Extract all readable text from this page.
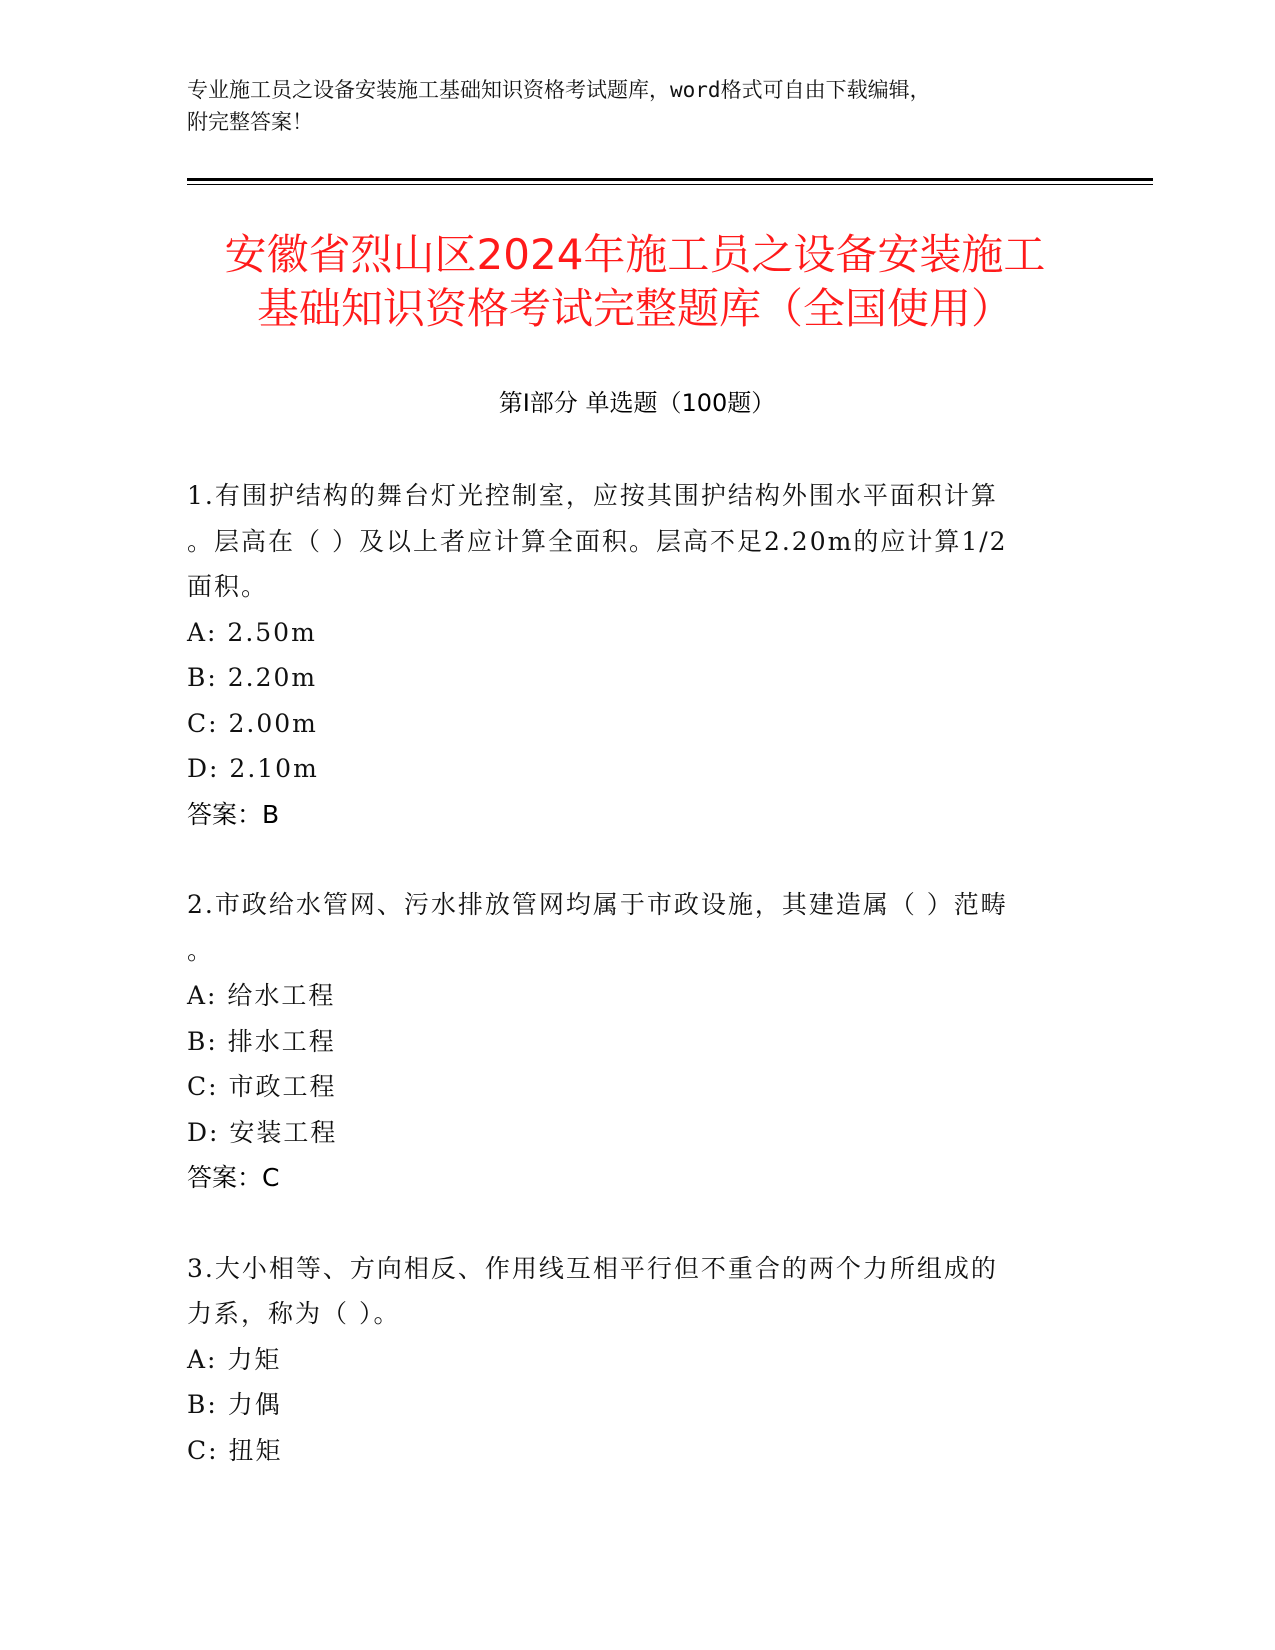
专业施工员之设备安装施工基础知识资格考试题库，word格式可自由下载编辑，
附完整答案！
安徽省烈山区2024年施工员之设备安装施工
基础知识资格考试完整题库（全国使用）
第Ⅰ部分 单选题（100题）
1.有围护结构的舞台灯光控制室，应按其围护结构外围水平面积计算
。层高在（ ）及以上者应计算全面积。层高不足2.20m的应计算1/2
面积。
A: 2.50m
B: 2.20m
C: 2.00m
D: 2.10m
答案：B
2.市政给水管网、污水排放管网均属于市政设施，其建造属（ ）范畴
。
A: 给水工程
B: 排水工程
C: 市政工程
D: 安装工程
答案：C
3.大小相等、方向相反、作用线互相平行但不重合的两个力所组成的
力系，称为（ ）。
A: 力矩
B: 力偶
C: 扭矩
